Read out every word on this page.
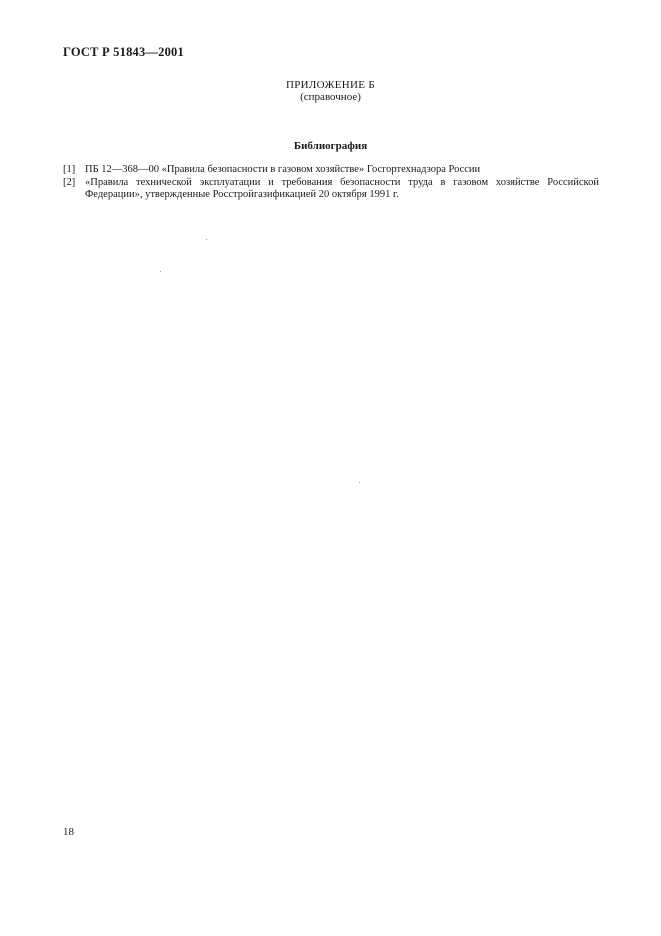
ГОСТ Р 51843—2001
ПРИЛОЖЕНИЕ Б
(справочное)
Библиография
[1] ПБ 12—368—00 «Правила безопасности в газовом хозяйстве» Госгортехнадзора России
[2] «Правила технической эксплуатации и требования безопасности труда в газовом хозяйстве Российской Федерации», утвержденные Росстройгазификацией 20 октября 1991 г.
18
